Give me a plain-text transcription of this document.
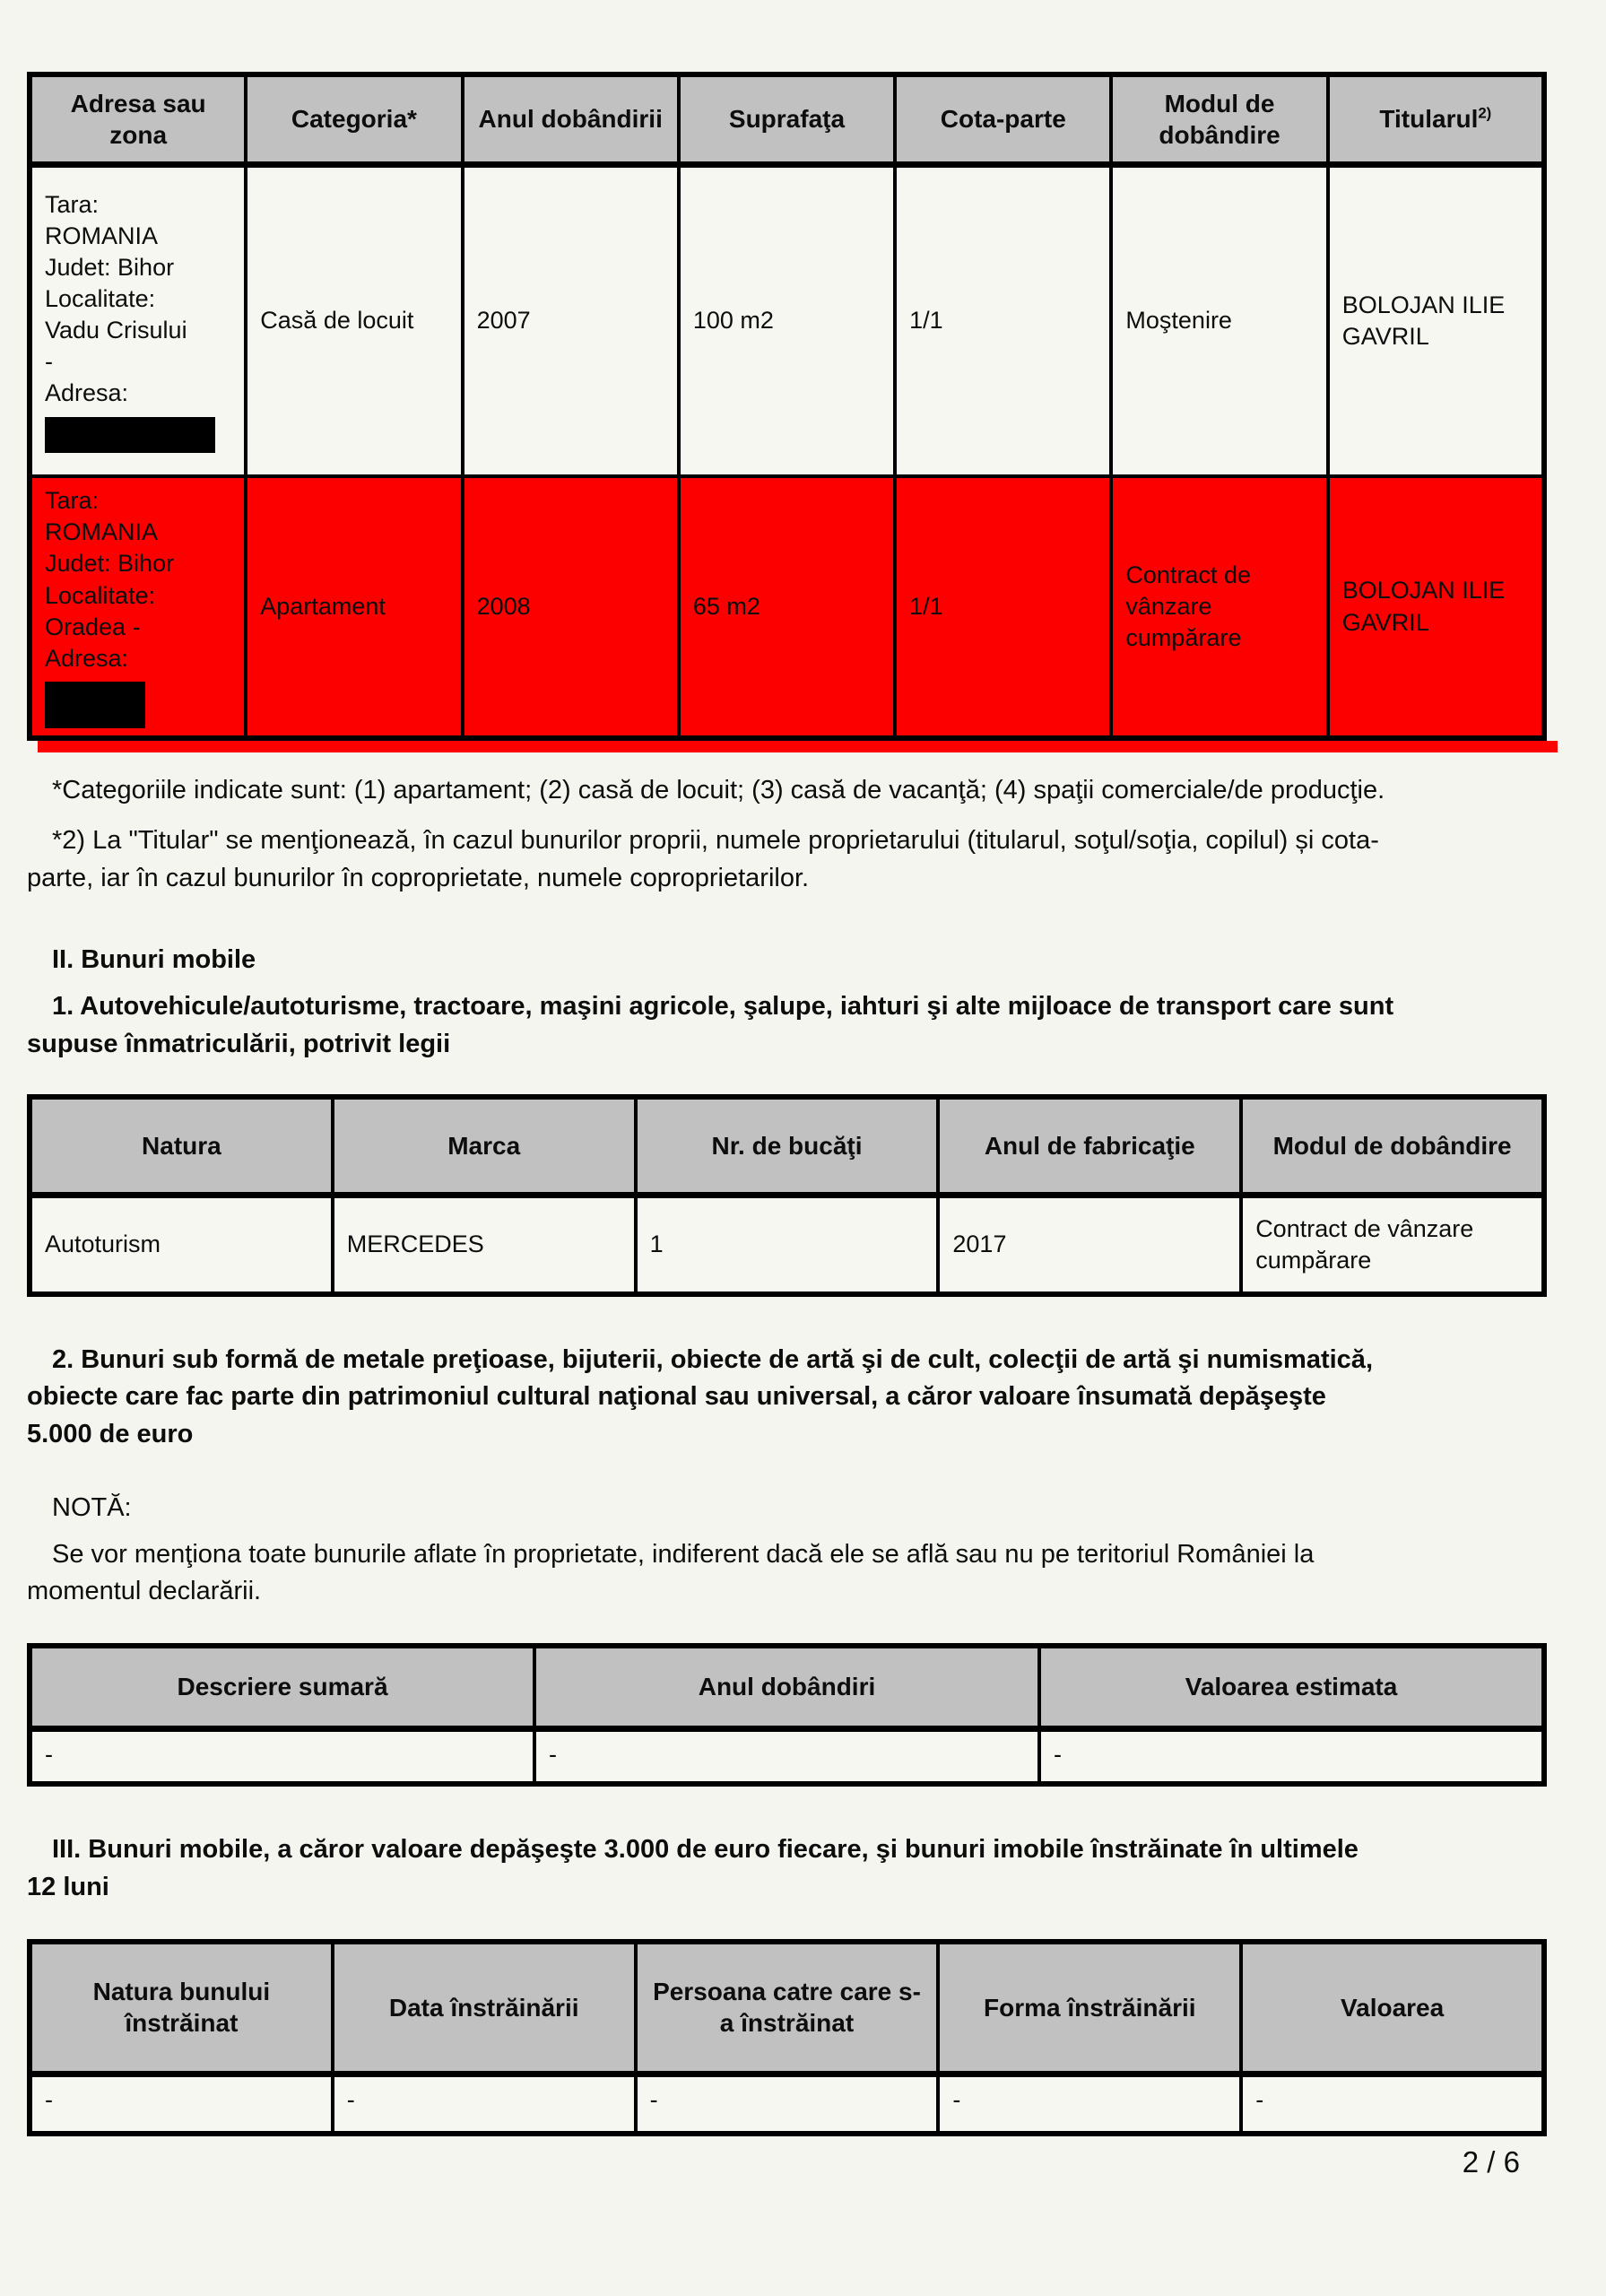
Adresa sau zona	Categoria*	Anul dobândirii	Suprafaţa	Cota-parte	Modul de dobândire	Titularul$^{2)}$

Tara:
ROMANIA
Judet: Bihor
Localitate:
Vadu Crisului
-
Adresa:
	Casă de locuit	2007	100 m2	1/1	Moştenire	BOLOJAN ILIE GAVRIL

Tara:
ROMANIA
Judet: Bihor
Localitate:
Oradea -
Adresa:
	Apartament	2008	65 m2	1/1	Contract de vânzare cumpărare	BOLOJAN ILIE GAVRIL

*Categoriile indicate sunt: (1) apartament; (2) casă de locuit; (3) casă de vacanţă; (4) spaţii comerciale/de producţie.

*2) La "Titular" se menţionează, în cazul bunurilor proprii, numele proprietarului (titularul, soţul/soţia, copilul) și cota-parte, iar în cazul bunurilor în coproprietate, numele coproprietarilor.

II. Bunuri mobile

1. Autovehicule/autoturisme, tractoare, maşini agricole, şalupe, iahturi şi alte mijloace de transport care sunt supuse înmatriculării, potrivit legii

Natura	Marca	Nr. de bucăţi	Anul de fabricaţie	Modul de dobândire
Autoturism	MERCEDES	1	2017	Contract de vânzare cumpărare

2. Bunuri sub formă de metale preţioase, bijuterii, obiecte de artă şi de cult, colecţii de artă şi numismatică, obiecte care fac parte din patrimoniul cultural naţional sau universal, a căror valoare însumată depăşeşte 5.000 de euro

NOTĂ:

Se vor menţiona toate bunurile aflate în proprietate, indiferent dacă ele se află sau nu pe teritoriul României la momentul declarării.

Descriere sumară	Anul dobândiri	Valoarea estimata
-	-	-

III. Bunuri mobile, a căror valoare depăşeşte 3.000 de euro fiecare, şi bunuri imobile înstrăinate în ultimele 12 luni

Natura bunului înstrăinat	Data înstrăinării	Persoana catre care s-a înstrăinat	Forma înstrăinării	Valoarea
-	-	-	-	-
2 / 6
